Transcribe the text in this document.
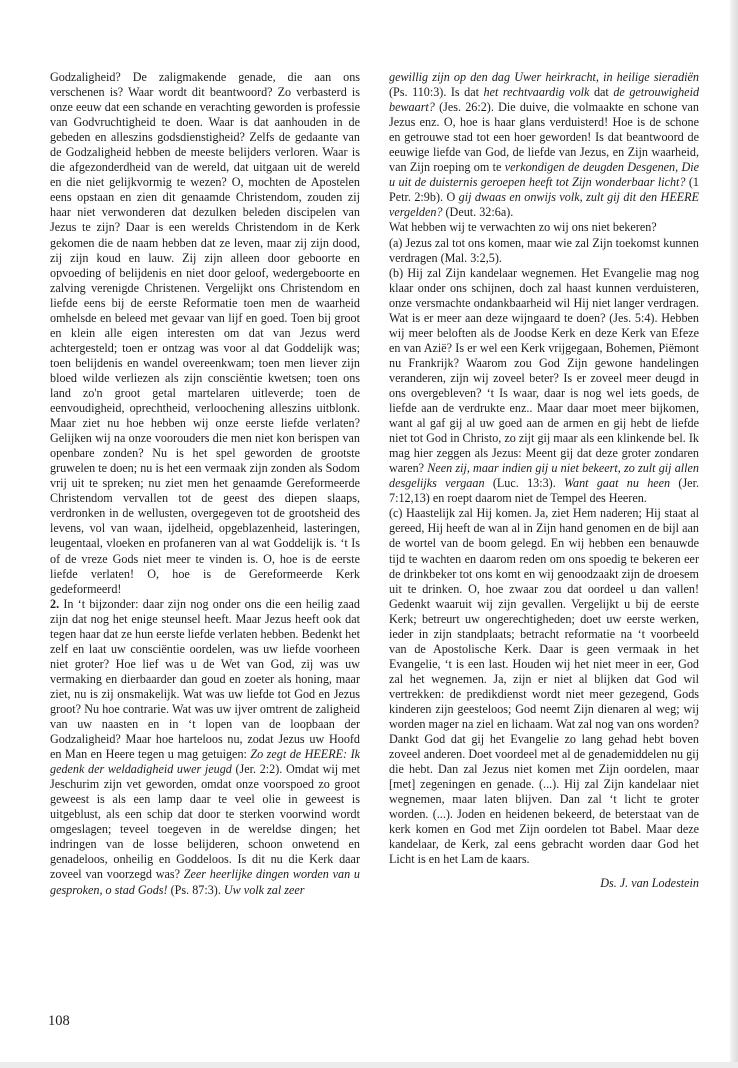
Godzaligheid? De zaligmakende genade, die aan ons verschenen is? Waar wordt dit beantwoord? Zo verbasterd is onze eeuw dat een schande en verachting geworden is professie van Godvruchtigheid te doen. Waar is dat aanhouden in de gebeden en alleszins godsdienstigheid? Zelfs de gedaante van de Godzaligheid hebben de meeste belijders verloren. Waar is die afgezonderdheid van de wereld, dat uitgaan uit de wereld en die niet gelijkvormig te wezen? O, mochten de Apostelen eens opstaan en zien dit genaamde Christendom, zouden zij haar niet verwonderen dat dezulken beleden discipelen van Jezus te zijn? Daar is een werelds Christendom in de Kerk gekomen die de naam hebben dat ze leven, maar zij zijn dood, zij zijn koud en lauw. Zij zijn alleen door geboorte en opvoeding of belijdenis en niet door geloof, wedergeboorte en zalving verenigde Christenen. Vergelijkt ons Christendom en liefde eens bij de eerste Reformatie toen men de waarheid omhelsde en beleed met gevaar van lijf en goed. Toen bij groot en klein alle eigen interesten om dat van Jezus werd achtergesteld; toen er ontzag was voor al dat Goddelijk was; toen belijdenis en wandel overeenkwam; toen men liever zijn bloed wilde verliezen als zijn consciëntie kwetsen; toen ons land zo'n groot getal martelaren uitleverde; toen de eenvoudigheid, oprechtheid, verloochening alleszins uitblonk. Maar ziet nu hoe hebben wij onze eerste liefde verlaten? Gelijken wij na onze voorouders die men niet kon berispen van openbare zonden? Nu is het spel geworden de grootste gruwelen te doen; nu is het een vermaak zijn zonden als Sodom vrij uit te spreken; nu ziet men het genaamde Gereformeerde Christendom vervallen tot de geest des diepen slaaps, verdronken in de wellusten, overgegeven tot de grootsheid des levens, vol van waan, ijdelheid, opgeblazenheid, lasteringen, leugentaal, vloeken en profaneren van al wat Goddelijk is. ‘t Is of de vreze Gods niet meer te vinden is. O, hoe is de eerste liefde verlaten! O, hoe is de Gereformeerde Kerk gedeformeerd!

2. In ‘t bijzonder: daar zijn nog onder ons die een heilig zaad zijn dat nog het enige steunsel heeft. Maar Jezus heeft ook dat tegen haar dat ze hun eerste liefde verlaten hebben. Bedenkt het zelf en laat uw consciëntie oordelen, was uw liefde voorheen niet groter? Hoe lief was u de Wet van God, zij was uw vermaking en dierbaarder dan goud en zoeter als honing, maar ziet, nu is zij onsmakelijk. Wat was uw liefde tot God en Jezus groot? Nu hoe contrarie. Wat was uw ijver omtrent de zaligheid van uw naasten en in ‘t lopen van de loopbaan der Godzaligheid? Maar hoe harteloos nu, zodat Jezus uw Hoofd en Man en Heere tegen u mag getuigen: Zo zegt de HEERE: Ik gedenk der weldadigheid uwer jeugd (Jer. 2:2). Omdat wij met Jeschurim zijn vet geworden, omdat onze voorspoed zo groot geweest is als een lamp daar te veel olie in geweest is uitgeblust, als een schip dat door te sterken voorwind wordt omgeslagen; teveel toegeven in de wereldse dingen; het indringen van de losse belijderen, schoon onwetend en genadeloos, onheilig en Goddeloos. Is dit nu die Kerk daar zoveel van voorzegd was? Zeer heerlijke dingen worden van u gesproken, o stad Gods! (Ps. 87:3). Uw volk zal zeer

gewillig zijn op den dag Uwer heirkracht, in heilige sieradiën (Ps. 110:3). Is dat het rechtvaardig volk dat de getrouwigheid bewaart? (Jes. 26:2). Die duive, die volmaakte en schone van Jezus enz. O, hoe is haar glans verduisterd! Hoe is de schone en getrouwe stad tot een hoer geworden! Is dat beantwoord de eeuwige liefde van God, de liefde van Jezus, en Zijn waarheid, van Zijn roeping om te verkondigen de deugden Desgenen, Die u uit de duisternis geroepen heeft tot Zijn wonderbaar licht? (1 Petr. 2:9b). O gij dwaas en onwijs volk, zult gij dit den HEERE vergelden? (Deut. 32:6a).

Wat hebben wij te verwachten zo wij ons niet bekeren?

(a) Jezus zal tot ons komen, maar wie zal Zijn toekomst kunnen verdragen (Mal. 3:2,5).

(b) Hij zal Zijn kandelaar wegnemen. Het Evangelie mag nog klaar onder ons schijnen, doch zal haast kunnen verduisteren, onze versmachte ondankbaarheid wil Hij niet langer verdragen. Wat is er meer aan deze wijngaard te doen? (Jes. 5:4). Hebben wij meer beloften als de Joodse Kerk en deze Kerk van Efeze en van Azië? Is er wel een Kerk vrijgegaan, Bohemen, Piëmont nu Frankrijk? Waarom zou God Zijn gewone handelingen veranderen, zijn wij zoveel beter? Is er zoveel meer deugd in ons overgebleven? ‘t Is waar, daar is nog wel iets goeds, de liefde aan de verdrukte enz.. Maar daar moet meer bijkomen, want al gaf gij al uw goed aan de armen en gij hebt de liefde niet tot God in Christo, zo zijt gij maar als een klinkende bel. Ik mag hier zeggen als Jezus: Meent gij dat deze groter zondaren waren? Neen zij, maar indien gij u niet bekeert, zo zult gij allen desgelijks vergaan (Luc. 13:3). Want gaat nu heen (Jer. 7:12,13) en roept daarom niet de Tempel des Heeren.

(c) Haastelijk zal Hij komen. Ja, ziet Hem naderen; Hij staat al gereed, Hij heeft de wan al in Zijn hand genomen en de bijl aan de wortel van de boom gelegd. En wij hebben een benauwde tijd te wachten en daarom reden om ons spoedig te bekeren eer de drinkbeker tot ons komt en wij genoodzaakt zijn de droesem uit te drinken. O, hoe zwaar zou dat oordeel u dan vallen! Gedenkt waaruit wij zijn gevallen. Vergelijkt u bij de eerste Kerk; betreurt uw ongerechtigheden; doet uw eerste werken, ieder in zijn standplaats; betracht reformatie na ‘t voorbeeld van de Apostolische Kerk. Daar is geen vermaak in het Evangelie, ‘t is een last. Houden wij het niet meer in eer, God zal het wegnemen. Ja, zijn er niet al blijken dat God wil vertrekken: de predikdienst wordt niet meer gezegend, Gods kinderen zijn geesteloos; God neemt Zijn dienaren al weg; wij worden mager na ziel en lichaam. Wat zal nog van ons worden? Dankt God dat gij het Evangelie zo lang gehad hebt boven zoveel anderen. Doet voordeel met al de genademiddelen nu gij die hebt. Dan zal Jezus niet komen met Zijn oordelen, maar [met] zegeningen en genade. (...). Hij zal Zijn kandelaar niet wegnemen, maar laten blijven. Dan zal ‘t licht te groter worden. (...). Joden en heidenen bekeerd, de beterstaat van de kerk komen en God met Zijn oordelen tot Babel. Maar deze kandelaar, de Kerk, zal eens gebracht worden daar God het Licht is en het Lam de kaars.

Ds. J. van Lodestein

108
